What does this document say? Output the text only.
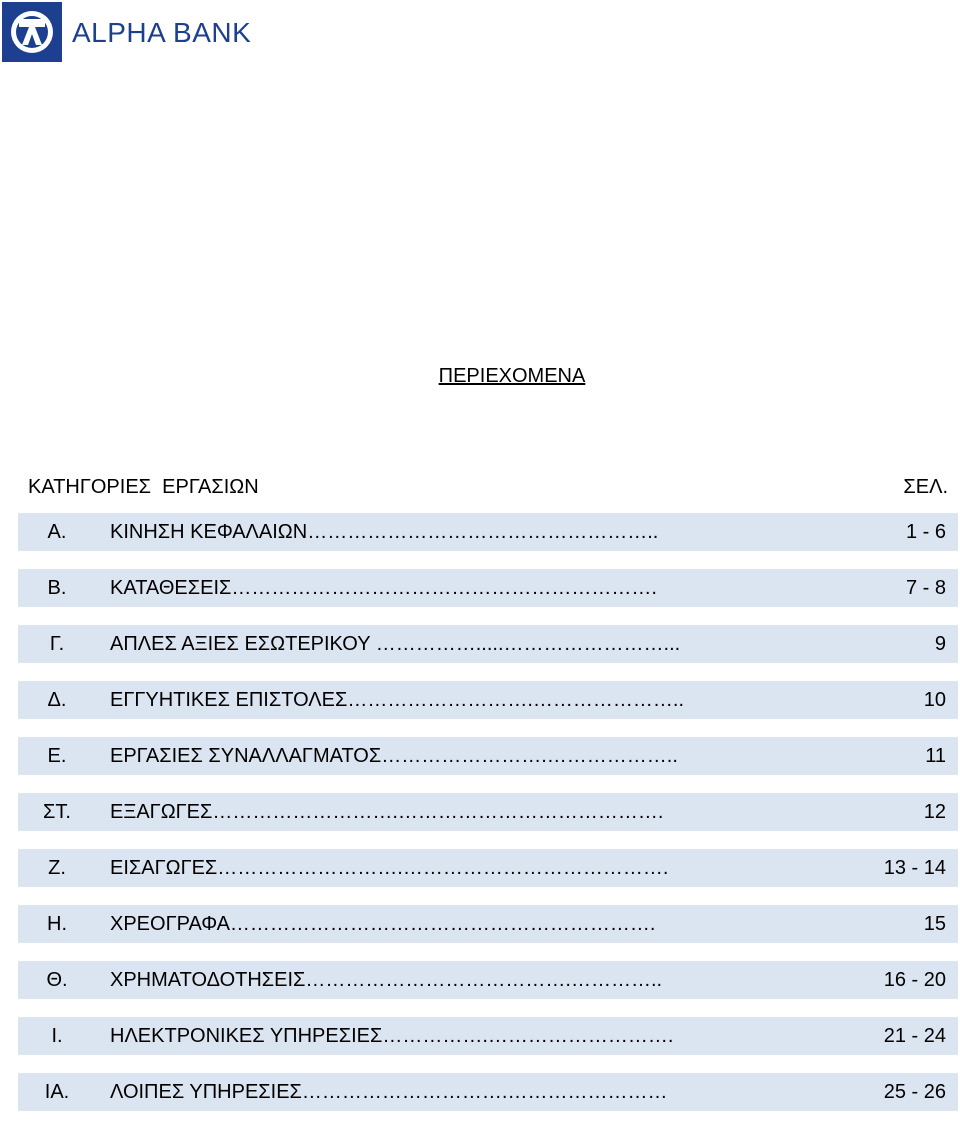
ALPHA BANK
ΠΕΡΙΕΧΟΜΕΝΑ
ΚΑΤΗΓΟΡΙΕΣ  ΕΡΓΑΣΙΩΝ	ΣΕΛ.
Α.	ΚΙΝΗΣΗ ΚΕΦΑΛΑΙΩΝ……………………………………………..	1 - 6
Β.	ΚΑΤΑΘΕΣΕΙΣ……………………………………………………….	7 - 8
Γ.	ΑΠΛΕΣ ΑΞΙΕΣ ΕΣΩΤΕΡΙΚΟΥ …………….....……………………...	9
Δ.	ΕΓΓΥΗΤΙΚΕΣ ΕΠΙΣΤΟΛΕΣ……………………….…………………..	10
Ε.	ΕΡΓΑΣΙΕΣ ΣΥΝΑΛΛΑΓΜΑΤΟΣ…………………….………………..	11
ΣΤ.	ΕΞΑΓΩΓΕΣ……………………….………………………………….	12
Ζ.	ΕΙΣΑΓΩΓΕΣ……………………….………………………………….	13 - 14
Η.	ΧΡΕΟΓΡΑΦΑ……………………………………………………….	15
Θ.	ΧΡΗΜΑΤΟΔΟΤΗΣΕΙΣ………………………………….…………..	16 - 20
Ι.	ΗΛΕΚΤΡΟΝΙΚΕΣ ΥΠΗΡΕΣΙΕΣ…………….……………………….	21 - 24
ΙΑ.	ΛΟΙΠΕΣ ΥΠΗΡΕΣΙΕΣ………………………….……………………	25 - 26
